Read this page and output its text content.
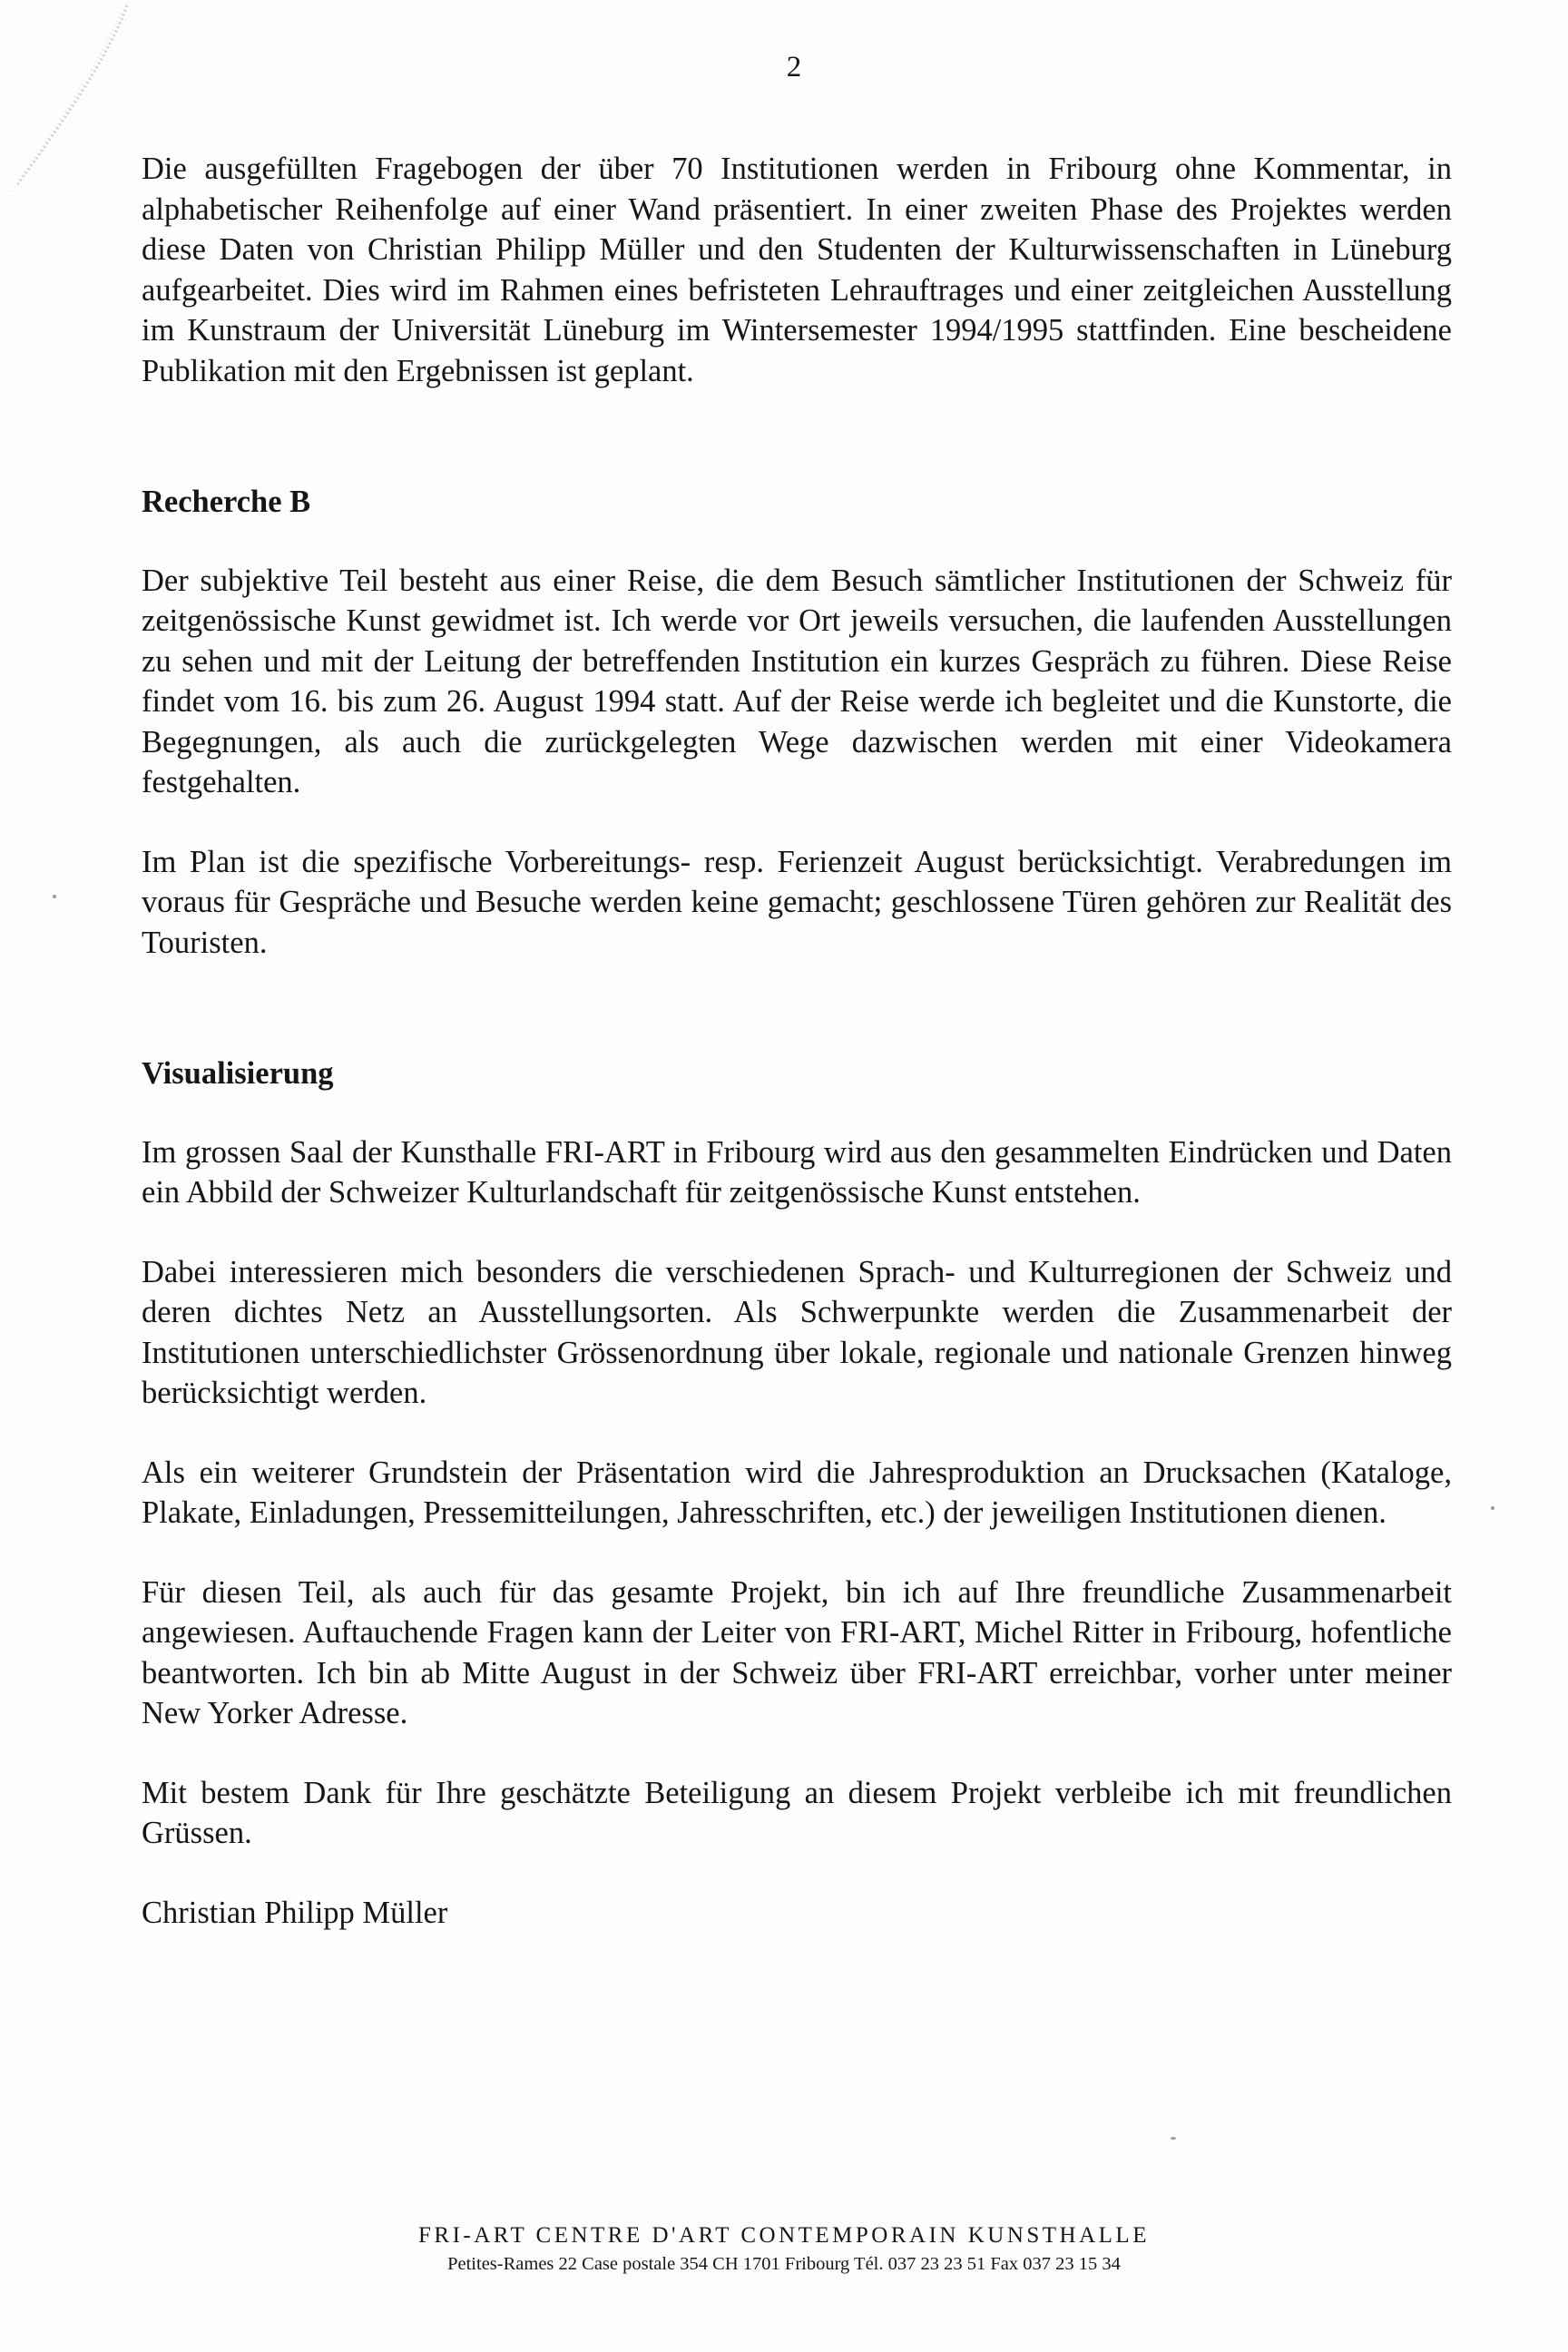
2

Die ausgefüllten Fragebogen der über 70 Institutionen werden in Fribourg ohne Kommentar, in alphabetischer Reihenfolge auf einer Wand präsentiert. In einer zweiten Phase des Projektes werden diese Daten von Christian Philipp Müller und den Studenten der Kulturwissenschaften in Lüneburg aufgearbeitet. Dies wird im Rahmen eines befristeten Lehrauftrages und einer zeitgleichen Ausstellung im Kunstraum der Universität Lüneburg im Wintersemester 1994/1995 stattfinden. Eine bescheidene Publikation mit den Ergebnissen ist geplant.

Recherche B

Der subjektive Teil besteht aus einer Reise, die dem Besuch sämtlicher Institutionen der Schweiz für zeitgenössische Kunst gewidmet ist. Ich werde vor Ort jeweils versuchen, die laufenden Ausstellungen zu sehen und mit der Leitung der betreffenden Institution ein kurzes Gespräch zu führen. Diese Reise findet vom 16. bis zum 26. August 1994 statt. Auf der Reise werde ich begleitet und die Kunstorte, die Begegnungen, als auch die zurückgelegten Wege dazwischen werden mit einer Videokamera festgehalten.

Im Plan ist die spezifische Vorbereitungs- resp. Ferienzeit August berücksichtigt. Verabredungen im voraus für Gespräche und Besuche werden keine gemacht; geschlossene Türen gehören zur Realität des Touristen.

Visualisierung

Im grossen Saal der Kunsthalle FRI-ART in Fribourg wird aus den gesammelten Eindrücken und Daten ein Abbild der Schweizer Kulturlandschaft für zeitgenössische Kunst entstehen.

Dabei interessieren mich besonders die verschiedenen Sprach- und Kulturregionen der Schweiz und deren dichtes Netz an Ausstellungsorten. Als Schwerpunkte werden die Zusammenarbeit der Institutionen unterschiedlichster Grössenordnung über lokale, regionale und nationale Grenzen hinweg berücksichtigt werden.

Als ein weiterer Grundstein der Präsentation wird die Jahresproduktion an Drucksachen (Kataloge, Plakate, Einladungen, Pressemitteilungen, Jahresschriften, etc.) der jeweiligen Institutionen dienen.

Für diesen Teil, als auch für das gesamte Projekt, bin ich auf Ihre freundliche Zusammenarbeit angewiesen. Auftauchende Fragen kann der Leiter von FRI-ART, Michel Ritter in Fribourg, hofentliche beantworten. Ich bin ab Mitte August in der Schweiz über FRI-ART erreichbar, vorher unter meiner New Yorker Adresse.

Mit bestem Dank für Ihre geschätzte Beteiligung an diesem Projekt verbleibe ich mit freundlichen Grüssen.

Christian Philipp Müller

FRI-ART CENTRE D'ART CONTEMPORAIN KUNSTHALLE
Petites-Rames 22 Case postale 354 CH 1701 Fribourg Tél. 037 23 23 51 Fax 037 23 15 34
